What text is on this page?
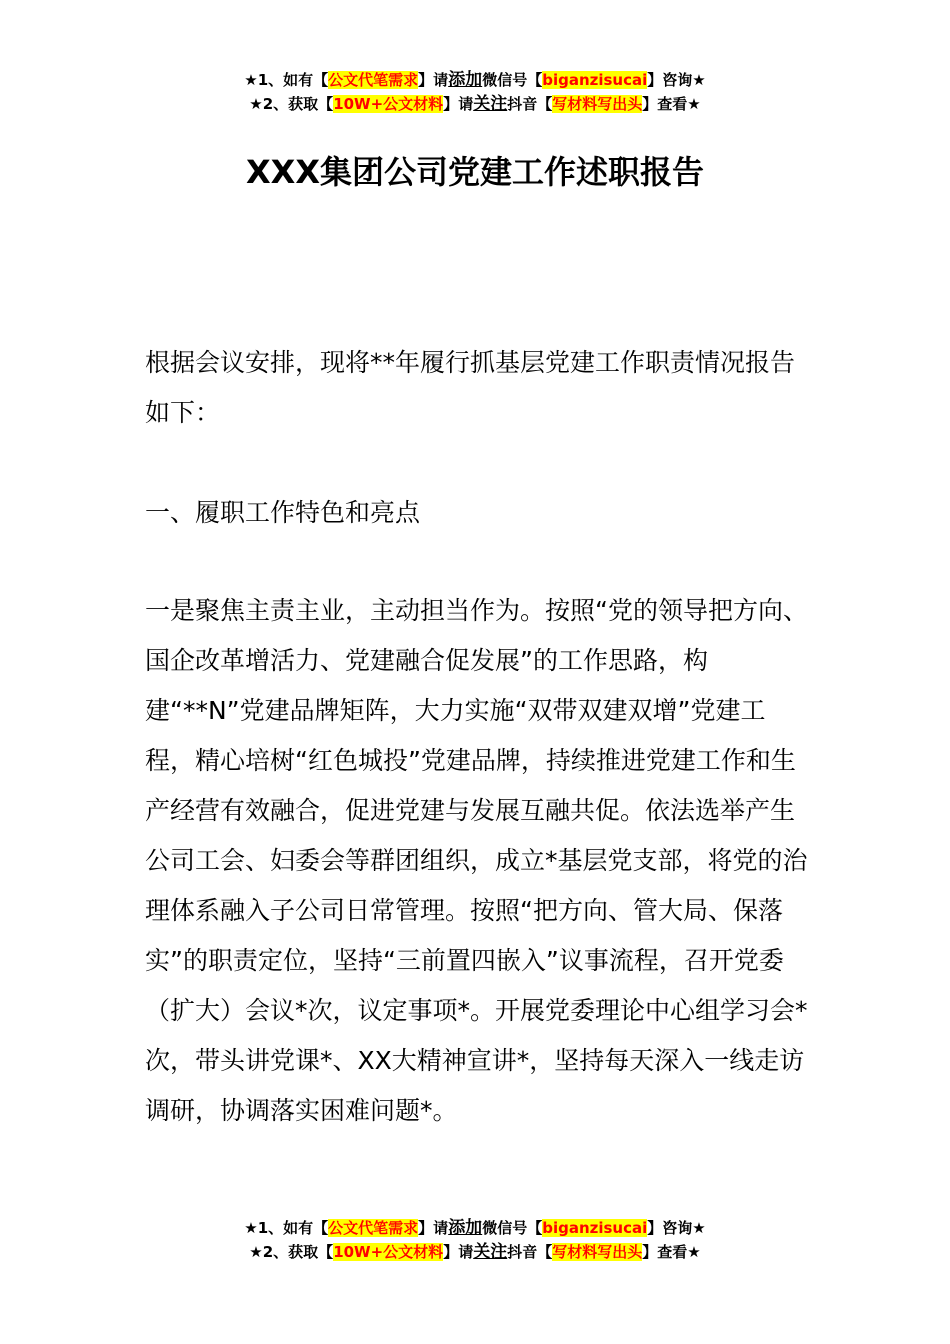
★1、如有【公文代笔需求】请添加微信号【biganzisucai】咨询★
★2、获取【10W+公文材料】请关注抖音【写材料写出头】查看★
XXX集团公司党建工作述职报告

根据会议安排，现将**年履行抓基层党建工作职责情况报告如下：

一、履职工作特色和亮点

一是聚焦主责主业，主动担当作为。按照“党的领导把方向、国企改革增活力、党建融合促发展”的工作思路，构建“**N”党建品牌矩阵，大力实施“双带双建双增”党建工程，精心培树“红色城投”党建品牌，持续推进党建工作和生产经营有效融合，促进党建与发展互融共促。依法选举产生公司工会、妇委会等群团组织，成立*基层党支部，将党的治理体系融入子公司日常管理。按照“把方向、管大局、保落实”的职责定位，坚持“三前置四嵌入”议事流程，召开党委（扩大）会议*次，议定事项*。开展党委理论中心组学习会*次，带头讲党课*、XX大精神宣讲*，坚持每天深入一线走访调研，协调落实困难问题*。

★1、如有【公文代笔需求】请添加微信号【biganzisucai】咨询★
★2、获取【10W+公文材料】请关注抖音【写材料写出头】查看★
